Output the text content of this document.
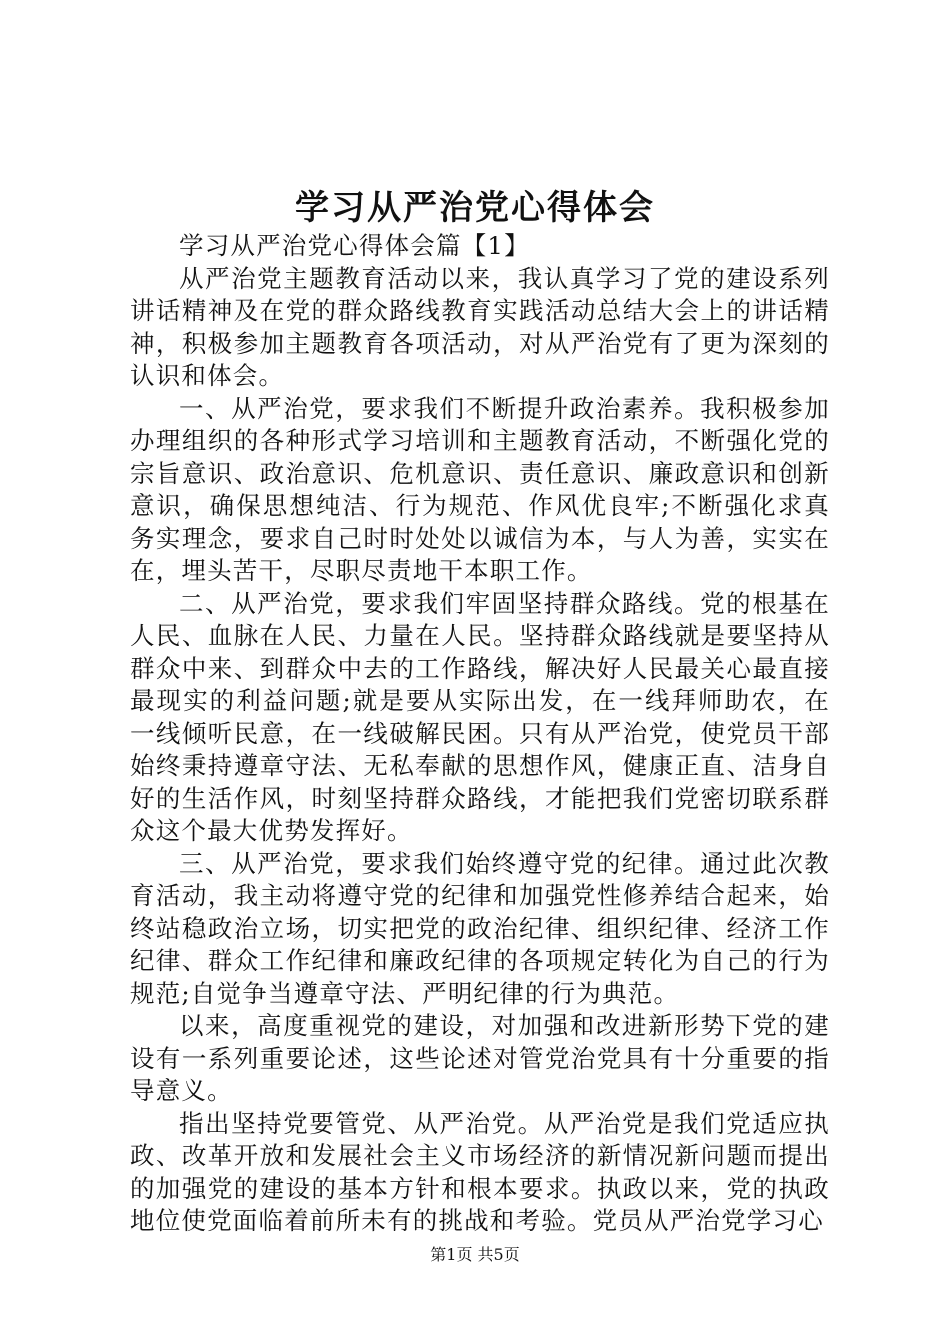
学习从严治党心得体会

学习从严治党心得体会篇【1】

从严治党主题教育活动以来，我认真学习了党的建设系列讲话精神及在党的群众路线教育实践活动总结大会上的讲话精神，积极参加主题教育各项活动，对从严治党有了更为深刻的认识和体会。

一、从严治党，要求我们不断提升政治素养。我积极参加办理组织的各种形式学习培训和主题教育活动，不断强化党的宗旨意识、政治意识、危机意识、责任意识、廉政意识和创新意识，确保思想纯洁、行为规范、作风优良牢;不断强化求真务实理念，要求自己时时处处以诚信为本，与人为善，实实在在，埋头苦干，尽职尽责地干本职工作。

二、从严治党，要求我们牢固坚持群众路线。党的根基在人民、血脉在人民、力量在人民。坚持群众路线就是要坚持从群众中来、到群众中去的工作路线，解决好人民最关心最直接最现实的利益问题;就是要从实际出发，在一线拜师助农，在一线倾听民意，在一线破解民困。只有从严治党，使党员干部始终秉持遵章守法、无私奉献的思想作风，健康正直、洁身自好的生活作风，时刻坚持群众路线，才能把我们党密切联系群众这个最大优势发挥好。

三、从严治党，要求我们始终遵守党的纪律。通过此次教育活动，我主动将遵守党的纪律和加强党性修养结合起来，始终站稳政治立场，切实把党的政治纪律、组织纪律、经济工作纪律、群众工作纪律和廉政纪律的各项规定转化为自己的行为规范;自觉争当遵章守法、严明纪律的行为典范。

以来，高度重视党的建设，对加强和改进新形势下党的建设有一系列重要论述，这些论述对管党治党具有十分重要的指导意义。

指出坚持党要管党、从严治党。从严治党是我们党适应执政、改革开放和发展社会主义市场经济的新情况新问题而提出的加强党的建设的基本方针和根本要求。执政以来，党的执政地位使党面临着前所未有的挑战和考验。党员从严治党学习心

第1页 共5页
